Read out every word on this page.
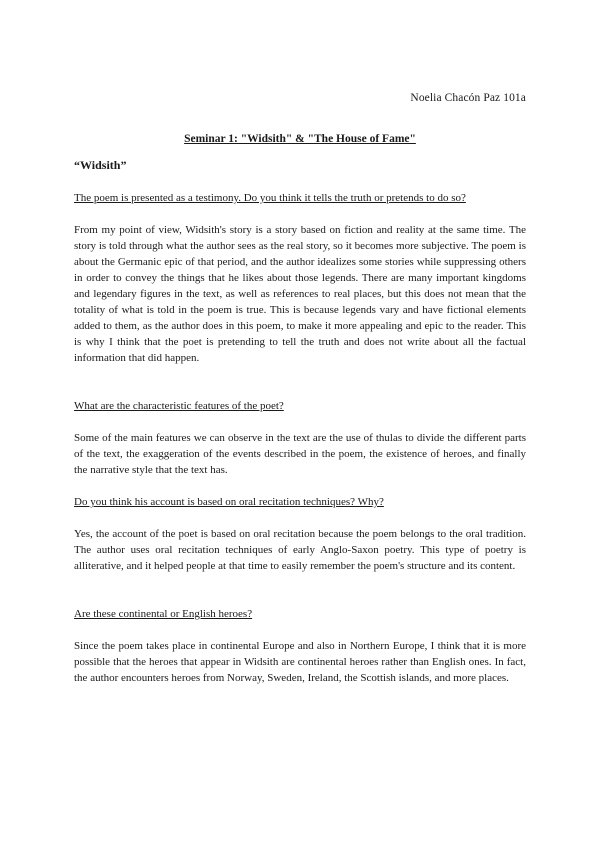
Noelia Chacón Paz 101a
Seminar 1: "Widsith" & "The House of Fame"
“Widsith”
The poem is presented as a testimony. Do you think it tells the truth or pretends to do so?
From my point of view, Widsith's story is a story based on fiction and reality at the same time. The story is told through what the author sees as the real story, so it becomes more subjective. The poem is about the Germanic epic of that period, and the author idealizes some stories while suppressing others in order to convey the things that he likes about those legends. There are many important kingdoms and legendary figures in the text, as well as references to real places, but this does not mean that the totality of what is told in the poem is true. This is because legends vary and have fictional elements added to them, as the author does in this poem, to make it more appealing and epic to the reader. This is why I think that the poet is pretending to tell the truth and does not write about all the factual information that did happen.
What are the characteristic features of the poet?
Some of the main features we can observe in the text are the use of thulas to divide the different parts of the text, the exaggeration of the events described in the poem, the existence of heroes, and finally the narrative style that the text has.
Do you think his account is based on oral recitation techniques? Why?
Yes, the account of the poet is based on oral recitation because the poem belongs to the oral tradition. The author uses oral recitation techniques of early Anglo-Saxon poetry. This type of poetry is alliterative, and it helped people at that time to easily remember the poem's structure and its content.
Are these continental or English heroes?
Since the poem takes place in continental Europe and also in Northern Europe, I think that it is more possible that the heroes that appear in Widsith are continental heroes rather than English ones. In fact, the author encounters heroes from Norway, Sweden, Ireland, the Scottish islands, and more places.
